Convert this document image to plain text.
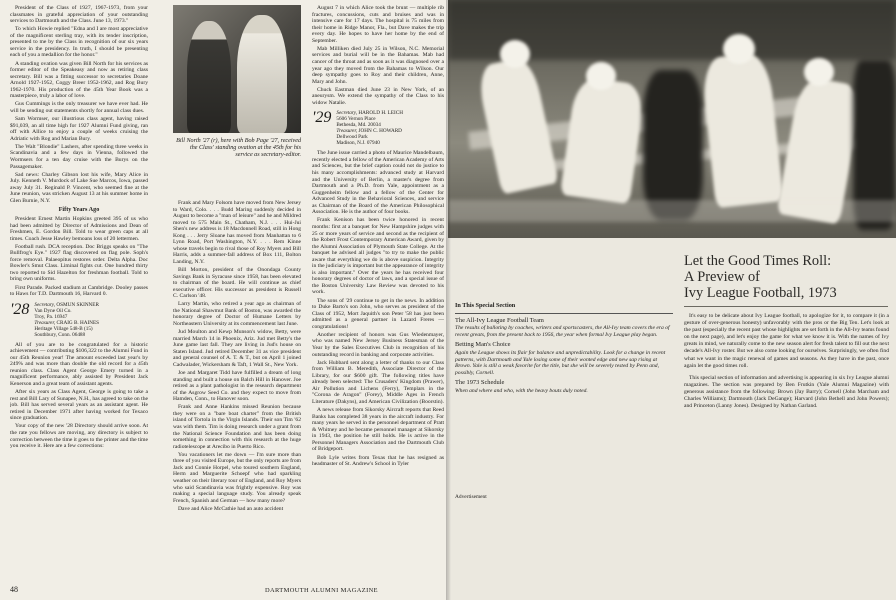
President of the Class of 1927, 1967-1973, from your classmates in grateful appreciation of your outstanding services to Dartmouth and the Class. June 13, 1973."

To which Howie replied "Edna and I are most appreciative of the magnificent sterling tray, with its tender inscription, presented to me by the Class in recognition of our six years service in the presidency. In truth, I should be presenting each of you a medallion for the honor."

A standing ovation was given Bill North for his services as former editor of the Speakeasy and now as retiring class secretary. Bill was a fitting successor to secretaries Doane Arnold 1927-1952, Coggy Breer 1952-1962, and Rog Bury 1962-1970. His production of the 45th Year Book was a masterpiece, truly a labor of love.

Gus Cummings is the only treasurer we have ever had. He will be sending out statements shortly for annual class dues.

Sam Wormser, our illustrious class agent, having raised $91,039, an all time high for 1927 Alumni Fund giving, ran off with Allice to enjoy a couple of weeks cruising the Adriatic with Rog and Marian Bury.

The Walt "Blondie" Lashers, after spending three weeks in Scandinavia and a few days in Vienna, followed the Wormsers for a ten day cruise with the Burys on the Passagemaker.

Sad news: Charley Gibson lost his wife, Mary Alice in July. Kenneth V. Murdock of Lake Sue Marcos, Iowa, passed away July 31. Reginald P. Vincent, who seemed fine at the June reunion, was stricken August 13 at his summer home in Glen Burnie, N.Y.

Fifty Years Ago

President Ernest Martin Hopkins greeted 395 of us who had been admitted by Director of Admissions and Dean of Freshmen, E. Gordon Bill. Told to wear green caps at all times. Coach Jesse Hawley bemoans loss of 20 lettermen.

Football rush. DCA reception. Doc Briggs speaks on "The Bullfrog's Eye." 1927 flag discovered on flag pole. Soph's force removal. Palaeopitus restores order. Delta Alpha. Doc Bowler's Smut Class. Liminal fights cut. One hundred thirty two reported to Sid Hazelton for freshman football. Told to bring own uniforms.

First Parade. Packed stadium at Cambridge. Dooley passes to Haws for T.D. Dartmouth 16, Harvard 0.

'28 Secretary, OSMUN SKINNER
Van Dyne Oil Co.
Troy, Pa. 16947
Treasurer, CRAIG B. HAINES
Heritage Village 548-B (15)
Southbury, Conn. 06488

All of you are to be congratulated for a historic achievement — contributing $106,322 to the Alumni Fund in our 45th Reunion year! The amount exceeded last year's by 249% and was more than double the old record for a 45th reunion class. Class Agent George Emery turned in a magnificent performance, ably assisted by President Jack Kenerson and a great team of assistant agents.

After six years as Class Agent, George is going to take a rest and Bill Lary of Sunapee, N.H., has agreed to take on the job. Bill has served several years as an assistant agent. He retired in December 1971 after having worked for Texaco since graduation.

Your copy of the new '28 Directory should arrive soon. At the rate you fellows are moving, any directory is subject to correction between the time it goes to the printer and the time you receive it. Here are a few corrections:

Bill North '27 (r), here with Bob Page '27, received the Class' standing ovation at the 45th for his service as secretary-editor.

Frank and Mary Folsom have moved from New Jersey to Ward, Colo. . . . Budd Maring suddenly decided in August to become a "man of leisure" and he and Mildred moved to 575 Main St., Chatham, N.J. . . . Hui-Jui Shen's new address is 18 Macdonnell Road, still in Hong Kong . . . Jerry Sloane has moved from Manhattan to 6 Lynn Road, Port Washington, N.Y. . . . Rem Kinne whose travels begin to rival those of Roy Myers and Bill Harris, adds a summer-fall address of Box 111, Bolton Landing, N.Y.

Bill Morton, president of the Onondaga County Savings Bank in Syracuse since 1958, has been elevated to chairman of the board. He will continue as chief executive officer. His successor as president is Russell C. Carlson '48.

Larry Martin, who retired a year ago as chairman of the National Shawmut Bank of Boston, was awarded the honorary degree of Doctor of Humane Letters by Northeastern University at its commencement last June.

Jud Moulton and Kewp Munson's widow, Betty, were married March 14 in Phoenix, Ariz. Jud met Betty's the June game last fall. They are living in Jud's house on Staten Island. Jud retired December 31 as vice president and general counsel of A. T. & T., but on April 1 joined Cadwalader, Wickersham & Taft, 1 Wall St., New York.

Joe and Margaret Tidd have fulfilled a dream of long standing and built a house on Balch Hill in Hanover. Joe retired as a plant pathologist in the research department of the Asgrow Seed Co. and they expect to move from Hamden, Conn., to Hanover soon.

Frank and Anne Hankins missed Reunion because they were on a "bare boat charter" from the British island of Tortola in the Virgin Islands. Their son Tim '62 was with them. Tim is doing research under a grant from the National Science Foundation and has been doing something in connection with this research at the huge radiotelescope at Arecibo in Puerto Rico.

You vacationers let me down — I'm sure more than three of you visited Europe, but the only reports are from Jack and Connie Horpel, who toured southern England, Herm and Marguerite Schoepf who had sparkling weather on their literary tour of England, and Roy Myers who said Scandinavia was frightly expensive. Roy was making a special language study. You already speak French, Spanish and German — how many more?

Dave and Alice McCathie had an auto accident

August 7 in which Alice took the brunt — multiple rib fractures, concussions, cuts and bruises and was in intensive care for 17 days. The hospital is 75 miles from their home in Ridge Manor, Fla., but Dave makes the trip every day. He hopes to have her home by the end of September.

Mab Milliken died July 25 in Wilson, N.C. Memorial services and burial will be in the Bahamas. Mab had cancer of the throat and as soon as it was diagnosed over a year ago they moved from the Bahamas to Wilson. Our deep sympathy goes to Roy and their children, Anne, Mary and John.

Chuck Eastman died June 23 in New York, of an aneurysm. We extend the sympathy of the Class to his widow Natalie.

'29 Secretary, HAROLD H. LEICH
5606 Vernon Place
Bethesda, Md. 20034
Treasurer, JOHN C. HOWARD
Dellwood Park
Madison, N.J. 07940

The June issue carried a photo of Maurice Mandelbaum, recently elected a fellow of the American Academy of Arts and Sciences, but the brief caption could not do justice to his many accomplishments: advanced study at Harvard and the University of Berlin, a master's degree from Dartmouth and a Ph.D. from Yale, appointment as a Guggenheim fellow and a fellow of the Center for Advanced Study in the Behavioral Sciences, and service as Chairman of the Board of the American Philosophical Association. He is the author of four books.

Frank Kenison has been twice honored in recent months: first at a banquet for New Hampshire judges with 25 or more years of service and second as the recipient of the Robert Frost Contemporary American Award, given by the Alumni Association of Plymouth State College. At the banquet he advised all judges "to try to make the public aware that everything we do is above suspicion. Integrity in the judiciary is important but the appearance of integrity is also important." Over the years he has received four honorary degrees of doctor of laws, and a special issue of the Boston University Law Review was devoted to his work.

The sons of '29 continue to get in the news. In addition to Duke Barto's son John, who serves as president of the Class of 1952, Mort Jaquith's son Peter '58 has just been admitted as a general partner in Lazard Freres — congratulations!

Another recipient of honors was Gus Wiedenmayer, who was named New Jersey Business Statesman of the Year by the Sales Executives Club in recognition of his outstanding record in banking and corporate activities.

Jack Hubbard sent along a letter of thanks to our Class from William B. Meredith, Associate Director of the Library, for our $600 gift. The following titles have already been selected: The Crusaders' Kingdom (Prawer), Air Pollution and Lichens (Ferry), Templars in the "Corona de Aragon" (Forey), Middle Ages in French Literature (Dakyns), and American Civilization (Boorstin).

A news release from Sikorsky Aircraft reports that Reed Banks has completed 38 years in the aircraft industry. For many years he served in the personnel department of Pratt & Whitney and he became personnel manager at Sikorsky in 1943, the position he still holds. He is active in the Personnel Managers Association and the Dartmouth Club of Bridgeport.

Bob Lyle writes from Texas that he has resigned as headmaster of St. Andrew's School in Tyler

48	DARTMOUTH ALUMNI MAGAZINE
Let the Good Times Roll:
A Preview of
Ivy League Football, 1973
In This Special Section
The All-Ivy League Football Team
The results of balloting by coaches, writers and sportscasters, the All-Ivy team covers the era of recent greats, from the present back to 1956, the year when formal Ivy League play began.
Betting Man's Choice
Again the League shows its flair for balance and unpredictability. Look for a change in recent patterns, with Dartmouth and Yale losing some of their wonted edge and new sap rising at Brown. Yale is still a weak favorite for the title, but she will be severely tested by Penn and, possibly, Cornell.
The 1973 Schedule
When and where and who, with the heavy bouts duly noted.
Advertisement

It's easy to be delicate about Ivy League football, to apologize for it, to compare it (in a gesture of over-generous honesty) unfavorably with the pros or the Big Ten. Let's look at the past (especially the recent past whose highlights are set forth in the All-Ivy teams found on the next page), and let's enjoy the game for what we know it is. With the names of Ivy greats in mind, we naturally come to the new season alert for fresh talent to fill out the next decade's All-Ivy roster. But we also come looking for ourselves. Surprisingly, we often find what we want in the magic renewal of games and seasons. As they have in the past, once again let the good times roll.

This special section of information and advertising is appearing in six Ivy League alumni magazines. The section was prepared by Ben Frutkin (Yale Alumni Magazine) with generous assistance from the following: Brown (Jay Barry); Cornell (John Marcham and Charles Williams); Dartmouth (Jack DeGange); Harvard (John Bethell and John Powers); and Princeton (Lanny Jones). Designed by Nathan Garland.
